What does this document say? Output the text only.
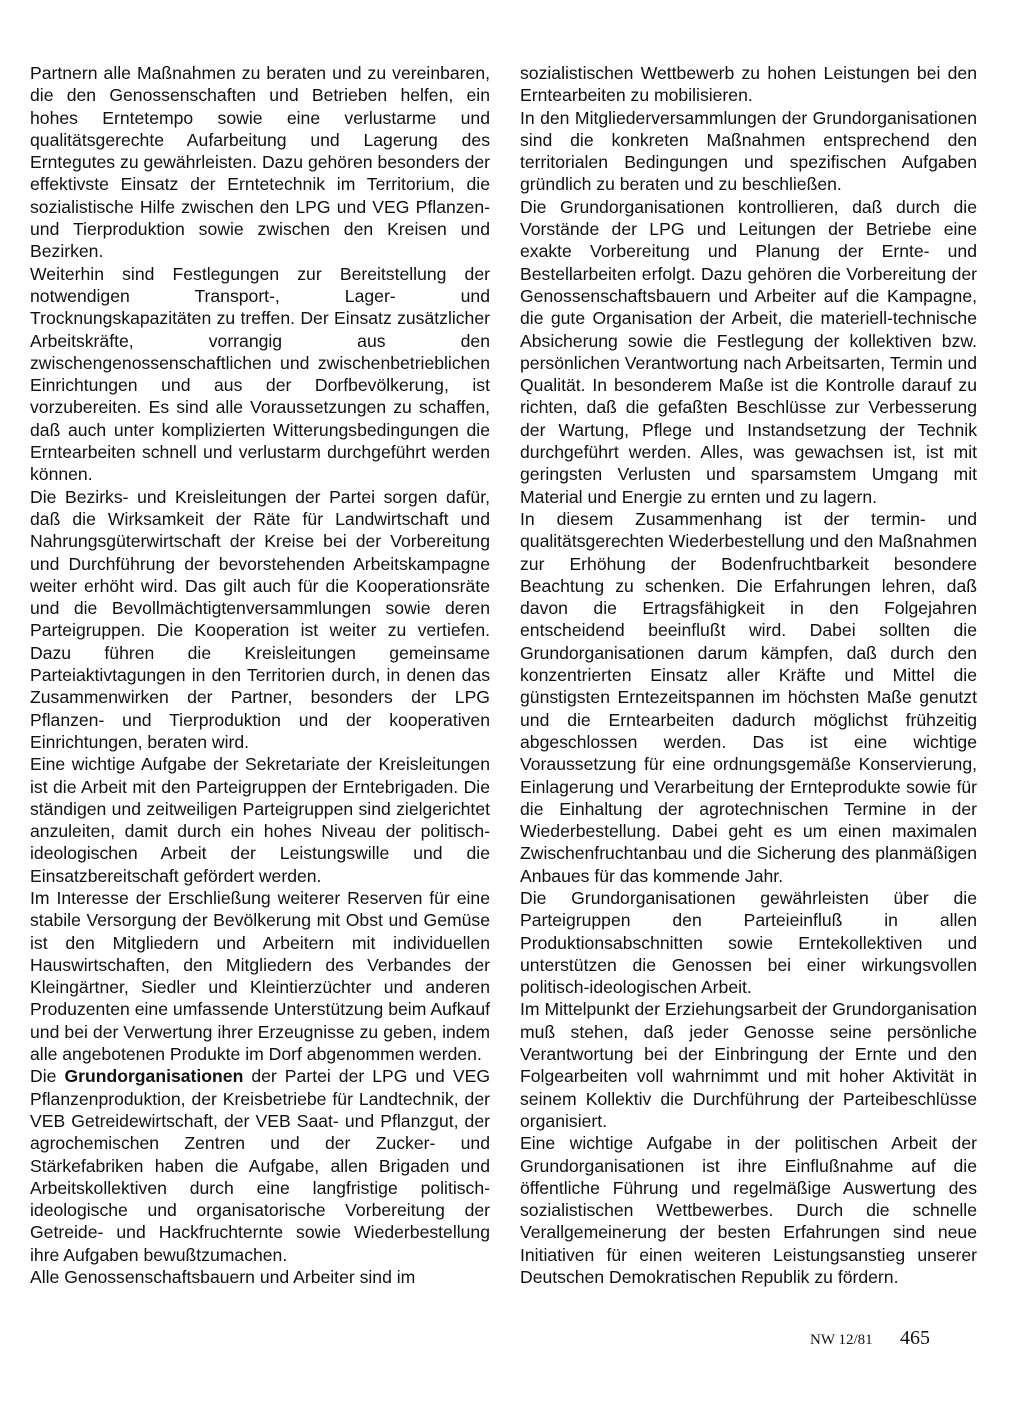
Partnern alle Maßnahmen zu beraten und zu vereinbaren, die den Genossenschaften und Betrieben helfen, ein hohes Erntetempo sowie eine verlustarme und qualitätsgerechte Aufarbeitung und Lagerung des Erntegutes zu gewährleisten. Dazu gehören besonders der effektivste Einsatz der Erntetechnik im Territorium, die sozialistische Hilfe zwischen den LPG und VEG Pflanzen- und Tierproduktion sowie zwischen den Kreisen und Bezirken.

Weiterhin sind Festlegungen zur Bereitstellung der notwendigen Transport-, Lager- und Trocknungskapazitäten zu treffen. Der Einsatz zusätzlicher Arbeitskräfte, vorrangig aus den zwischengenossenschaftlichen und zwischenbetrieblichen Einrichtungen und aus der Dorfbevölkerung, ist vorzubereiten. Es sind alle Voraussetzungen zu schaffen, daß auch unter komplizierten Witterungsbedingungen die Erntearbeiten schnell und verlustarm durchgeführt werden können.

Die Bezirks- und Kreisleitungen der Partei sorgen dafür, daß die Wirksamkeit der Räte für Landwirtschaft und Nahrungsgüterwirtschaft der Kreise bei der Vorbereitung und Durchführung der bevorstehenden Arbeitskampagne weiter erhöht wird. Das gilt auch für die Kooperationsräte und die Bevollmächtigtenversammlungen sowie deren Parteigruppen. Die Kooperation ist weiter zu vertiefen. Dazu führen die Kreisleitungen gemeinsame Parteiaktivtagungen in den Territorien durch, in denen das Zusammenwirken der Partner, besonders der LPG Pflanzen- und Tierproduktion und der kooperativen Einrichtungen, beraten wird.

Eine wichtige Aufgabe der Sekretariate der Kreisleitungen ist die Arbeit mit den Parteigruppen der Erntebrigaden. Die ständigen und zeitweiligen Parteigruppen sind zielgerichtet anzuleiten, damit durch ein hohes Niveau der politisch-ideologischen Arbeit der Leistungswille und die Einsatzbereitschaft gefördert werden.

Im Interesse der Erschließung weiterer Reserven für eine stabile Versorgung der Bevölkerung mit Obst und Gemüse ist den Mitgliedern und Arbeitern mit individuellen Hauswirtschaften, den Mitgliedern des Verbandes der Kleingärtner, Siedler und Kleintierzüchter und anderen Produzenten eine umfassende Unterstützung beim Aufkauf und bei der Verwertung ihrer Erzeugnisse zu geben, indem alle angebotenen Produkte im Dorf abgenommen werden.

Die Grundorganisationen der Partei der LPG und VEG Pflanzenproduktion, der Kreisbetriebe für Landtechnik, der VEB Getreidewirtschaft, der VEB Saat- und Pflanzgut, der agrochemischen Zentren und der Zucker- und Stärkefabriken haben die Aufgabe, allen Brigaden und Arbeitskollektiven durch eine langfristige politisch-ideologische und organisatorische Vorbereitung der Getreide- und Hackfruchternte sowie Wiederbestellung ihre Aufgaben bewußtzumachen.

Alle Genossenschaftsbauern und Arbeiter sind im

sozialistischen Wettbewerb zu hohen Leistungen bei den Erntearbeiten zu mobilisieren.

In den Mitgliederversammlungen der Grundorganisationen sind die konkreten Maßnahmen entsprechend den territorialen Bedingungen und spezifischen Aufgaben gründlich zu beraten und zu beschließen.

Die Grundorganisationen kontrollieren, daß durch die Vorstände der LPG und Leitungen der Betriebe eine exakte Vorbereitung und Planung der Ernte- und Bestellarbeiten erfolgt. Dazu gehören die Vorbereitung der Genossenschaftsbauern und Arbeiter auf die Kampagne, die gute Organisation der Arbeit, die materiell-technische Absicherung sowie die Festlegung der kollektiven bzw. persönlichen Verantwortung nach Arbeitsarten, Termin und Qualität. In besonderem Maße ist die Kontrolle darauf zu richten, daß die gefaßten Beschlüsse zur Verbesserung der Wartung, Pflege und Instandsetzung der Technik durchgeführt werden. Alles, was gewachsen ist, ist mit geringsten Verlusten und sparsamstem Umgang mit Material und Energie zu ernten und zu lagern.

In diesem Zusammenhang ist der termin- und qualitätsgerechten Wiederbestellung und den Maßnahmen zur Erhöhung der Bodenfruchtbarkeit besondere Beachtung zu schenken. Die Erfahrungen lehren, daß davon die Ertragsfähigkeit in den Folgejahren entscheidend beeinflußt wird. Dabei sollten die Grundorganisationen darum kämpfen, daß durch den konzentrierten Einsatz aller Kräfte und Mittel die günstigsten Erntezeitspannen im höchsten Maße genutzt und die Erntearbeiten dadurch möglichst frühzeitig abgeschlossen werden. Das ist eine wichtige Voraussetzung für eine ordnungsgemäße Konservierung, Einlagerung und Verarbeitung der Ernteprodukte sowie für die Einhaltung der agrotechnischen Termine in der Wiederbestellung. Dabei geht es um einen maximalen Zwischenfruchtanbau und die Sicherung des planmäßigen Anbaues für das kommende Jahr.

Die Grundorganisationen gewährleisten über die Parteigruppen den Parteieinfluß in allen Produktionsabschnitten sowie Erntekollektiven und unterstützen die Genossen bei einer wirkungsvollen politisch-ideologischen Arbeit.

Im Mittelpunkt der Erziehungsarbeit der Grundorganisation muß stehen, daß jeder Genosse seine persönliche Verantwortung bei der Einbringung der Ernte und den Folgearbeiten voll wahrnimmt und mit hoher Aktivität in seinem Kollektiv die Durchführung der Parteibeschlüsse organisiert.

Eine wichtige Aufgabe in der politischen Arbeit der Grundorganisationen ist ihre Einflußnahme auf die öffentliche Führung und regelmäßige Auswertung des sozialistischen Wettbewerbes. Durch die schnelle Verallgemeinerung der besten Erfahrungen sind neue Initiativen für einen weiteren Leistungsanstieg unserer Deutschen Demokratischen Republik zu fördern.

NW 12/81 465
